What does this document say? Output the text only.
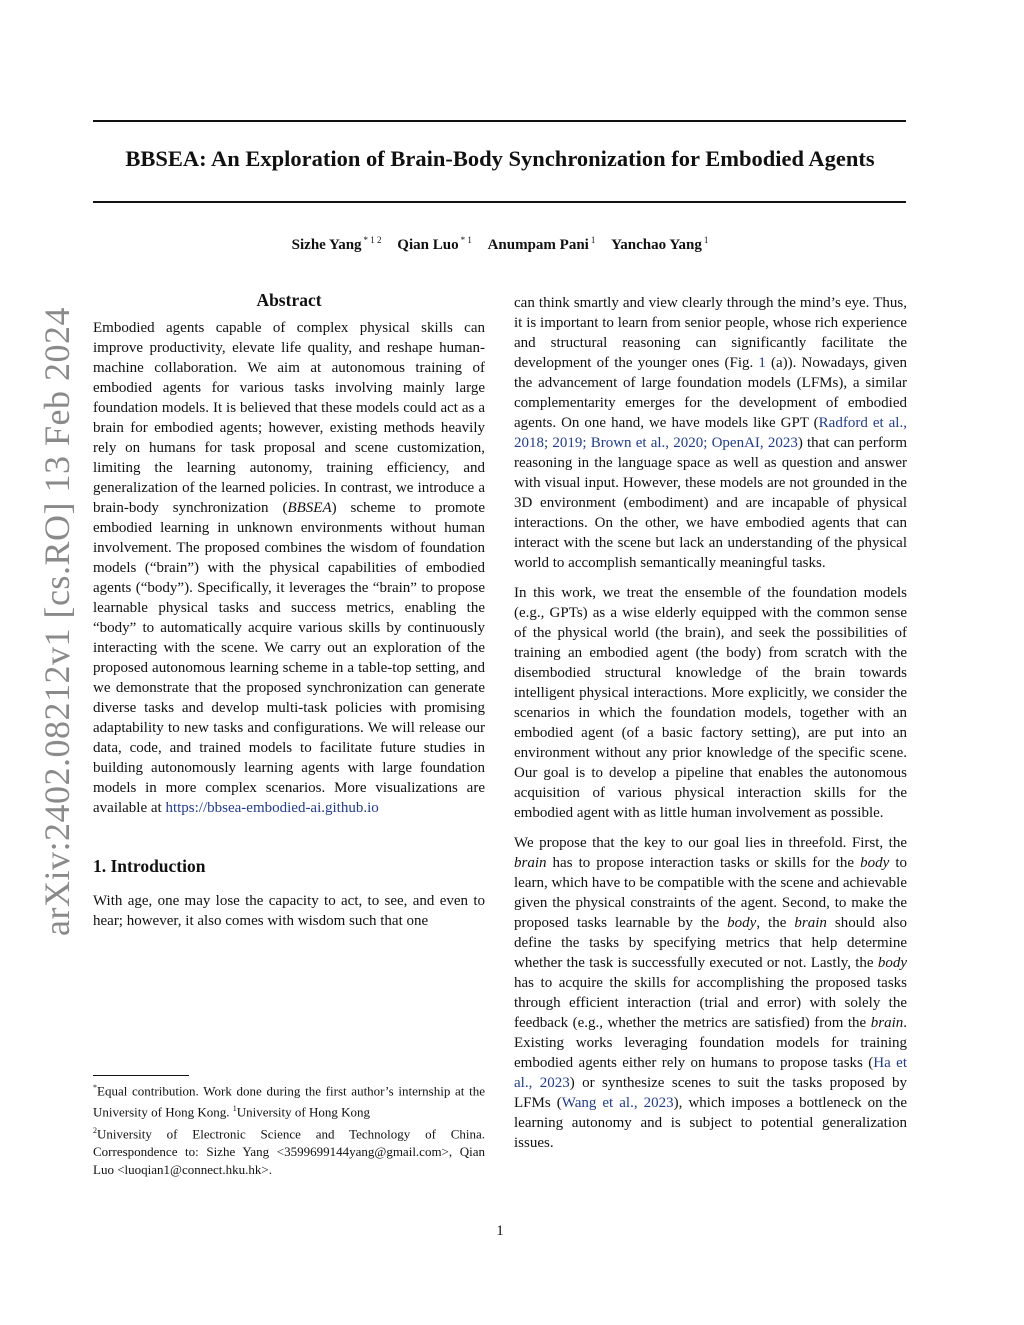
BBSEA: An Exploration of Brain-Body Synchronization for Embodied Agents
Sizhe Yang $^{* 1 2}$ Qian Luo $^{* 1}$ Anumpam Pani $^1$ Yanchao Yang $^1$
arXiv:2402.08212v1 [cs.RO] 13 Feb 2024
Abstract

Embodied agents capable of complex physical skills can improve productivity, elevate life quality, and reshape human-machine collaboration. We aim at autonomous training of embodied agents for various tasks involving mainly large foundation models. It is believed that these models could act as a brain for embodied agents; however, existing methods heavily rely on humans for task proposal and scene customization, limiting the learning autonomy, training efficiency, and generalization of the learned policies. In contrast, we introduce a brain-body synchronization (BBSEA) scheme to promote embodied learning in unknown environments without human involvement. The proposed combines the wisdom of foundation models (“brain”) with the physical capabilities of embodied agents (“body”). Specifically, it leverages the “brain” to propose learnable physical tasks and success metrics, enabling the “body” to automatically acquire various skills by continuously interacting with the scene. We carry out an exploration of the proposed autonomous learning scheme in a table-top setting, and we demonstrate that the proposed synchronization can generate diverse tasks and develop multi-task policies with promising adaptability to new tasks and configurations. We will release our data, code, and trained models to facilitate future studies in building autonomously learning agents with large foundation models in more complex scenarios. More visualizations are available at https://bbsea-embodied-ai.github.io

1. Introduction

With age, one may lose the capacity to act, to see, and even to hear; however, it also comes with wisdom such that one

*Equal contribution. Work done during the first author’s internship at the University of Hong Kong. $^1$University of Hong Kong
$^2$University of Electronic Science and Technology of China. Correspondence to: Sizhe Yang <3599699144yang@gmail.com>, Qian Luo <luoqian1@connect.hku.hk>.

can think smartly and view clearly through the mind’s eye. Thus, it is important to learn from senior people, whose rich experience and structural reasoning can significantly facilitate the development of the younger ones (Fig. 1 (a)). Nowadays, given the advancement of large foundation models (LFMs), a similar complementarity emerges for the development of embodied agents. On one hand, we have models like GPT (Radford et al., 2018; 2019; Brown et al., 2020; OpenAI, 2023) that can perform reasoning in the language space as well as question and answer with visual input. However, these models are not grounded in the 3D environment (embodiment) and are incapable of physical interactions. On the other, we have embodied agents that can interact with the scene but lack an understanding of the physical world to accomplish semantically meaningful tasks.

In this work, we treat the ensemble of the foundation models (e.g., GPTs) as a wise elderly equipped with the common sense of the physical world (the brain), and seek the possibilities of training an embodied agent (the body) from scratch with the disembodied structural knowledge of the brain towards intelligent physical interactions. More explicitly, we consider the scenarios in which the foundation models, together with an embodied agent (of a basic factory setting), are put into an environment without any prior knowledge of the specific scene. Our goal is to develop a pipeline that enables the autonomous acquisition of various physical interaction skills for the embodied agent with as little human involvement as possible.

We propose that the key to our goal lies in threefold. First, the brain has to propose interaction tasks or skills for the body to learn, which have to be compatible with the scene and achievable given the physical constraints of the agent. Second, to make the proposed tasks learnable by the body, the brain should also define the tasks by specifying metrics that help determine whether the task is successfully executed or not. Lastly, the body has to acquire the skills for accomplishing the proposed tasks through efficient interaction (trial and error) with solely the feedback (e.g., whether the metrics are satisfied) from the brain. Existing works leveraging foundation models for training embodied agents either rely on humans to propose tasks (Ha et al., 2023) or synthesize scenes to suit the tasks proposed by LFMs (Wang et al., 2023), which imposes a bottleneck on the learning autonomy and is subject to potential generalization issues.

1
